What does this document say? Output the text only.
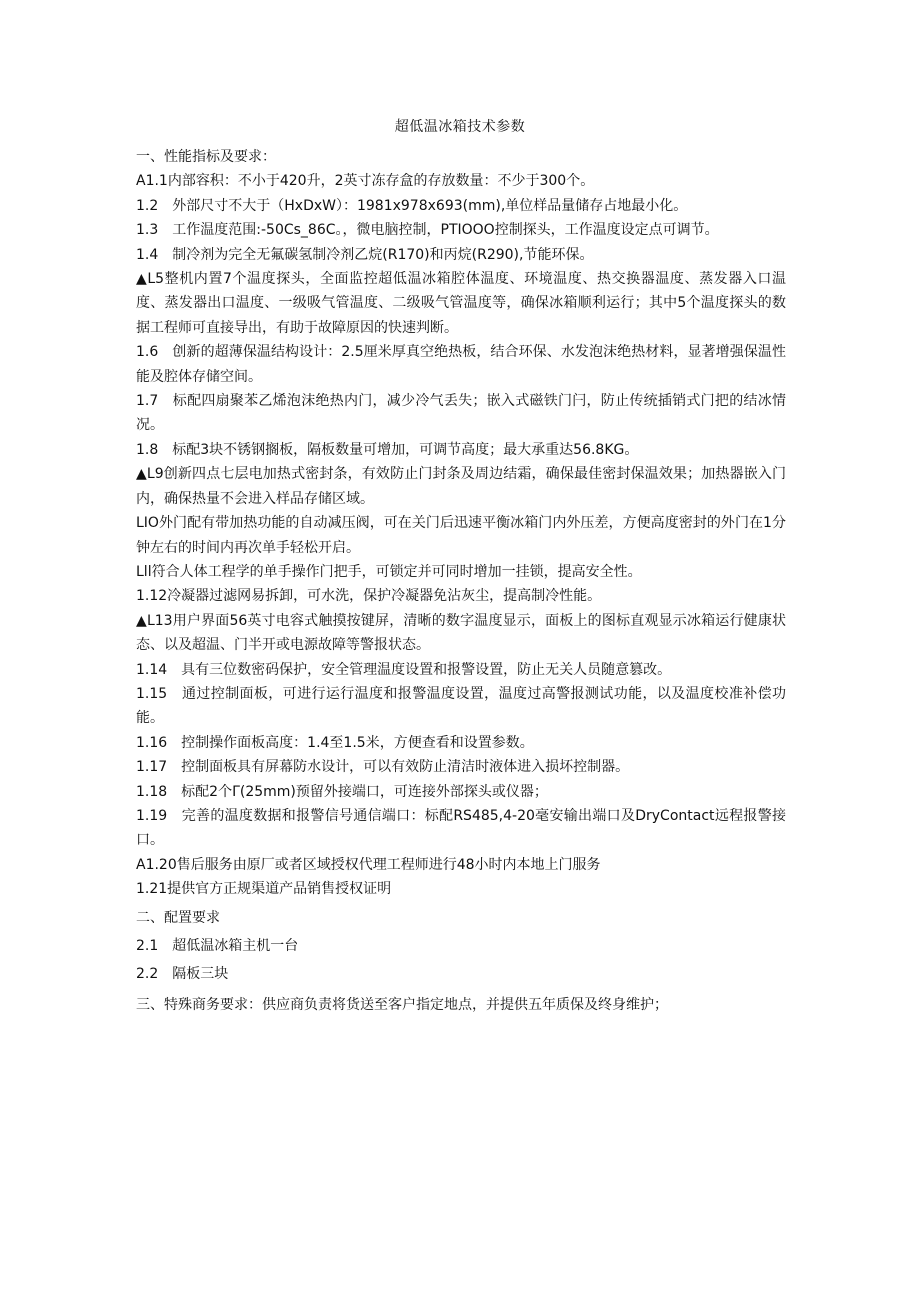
超低温冰箱技术参数

一、性能指标及要求：

A1.1内部容积：不小于420升，2英寸冻存盒的存放数量：不少于300个。

1.2　外部尺寸不大于（HxDxW）：1981x978x693(mm),单位样品量储存占地最小化。

1.3　工作温度范围:-50Cs_86C。，微电脑控制，PTIOOO控制探头，工作温度设定点可调节。

1.4　制冷剂为完全无氟碳氢制冷剂乙烷(R170)和丙烷(R290),节能环保。

▲L5整机内置7个温度探头，全面监控超低温冰箱腔体温度、环境温度、热交换器温度、蒸发器入口温度、蒸发器出口温度、一级吸气管温度、二级吸气管温度等，确保冰箱顺利运行；其中5个温度探头的数据工程师可直接导出，有助于故障原因的快速判断。

1.6　创新的超薄保温结构设计：2.5厘米厚真空绝热板，结合环保、水发泡沫绝热材料，显著增强保温性能及腔体存储空间。

1.7　标配四扇聚苯乙烯泡沫绝热内门，减少冷气丢失；嵌入式磁铁门闩，防止传统插销式门把的结冰情况。

1.8　标配3块不锈钢搁板，隔板数量可增加，可调节高度；最大承重达56.8KG。

▲L9创新四点七层电加热式密封条，有效防止门封条及周边结霜，确保最佳密封保温效果；加热器嵌入门内，确保热量不会进入样品存储区域。

LIO外门配有带加热功能的自动减压阀，可在关门后迅速平衡冰箱门内外压差，方便高度密封的外门在1分钟左右的时间内再次单手轻松开启。

Lll符合人体工程学的单手操作门把手，可锁定并可同时增加一挂锁，提高安全性。

1.12冷凝器过滤网易拆卸，可水洗，保护冷凝器免沾灰尘，提高制冷性能。

▲L13用户界面56英寸电容式触摸按键屏，清晰的数字温度显示，面板上的图标直观显示冰箱运行健康状态、以及超温、门半开或电源故障等警报状态。

1.14　具有三位数密码保护，安全管理温度设置和报警设置，防止无关人员随意篡改。

1.15　通过控制面板，可进行运行温度和报警温度设置，温度过高警报测试功能，以及温度校准补偿功能。

1.16　控制操作面板高度：1.4至1.5米，方便查看和设置参数。

1.17　控制面板具有屏幕防水设计，可以有效防止清洁时液体进入损坏控制器。

1.18　标配2个Γ(25mm)预留外接端口，可连接外部探头或仪器；

1.19　完善的温度数据和报警信号通信端口：标配RS485,4-20毫安输出端口及DryContact远程报警接口。

A1.20售后服务由原厂或者区域授权代理工程师进行48小时内本地上门服务

1.21提供官方正规渠道产品销售授权证明

二、配置要求

2.1　超低温冰箱主机一台

2.2　隔板三块

三、特殊商务要求：供应商负责将货送至客户指定地点，并提供五年质保及终身维护；
